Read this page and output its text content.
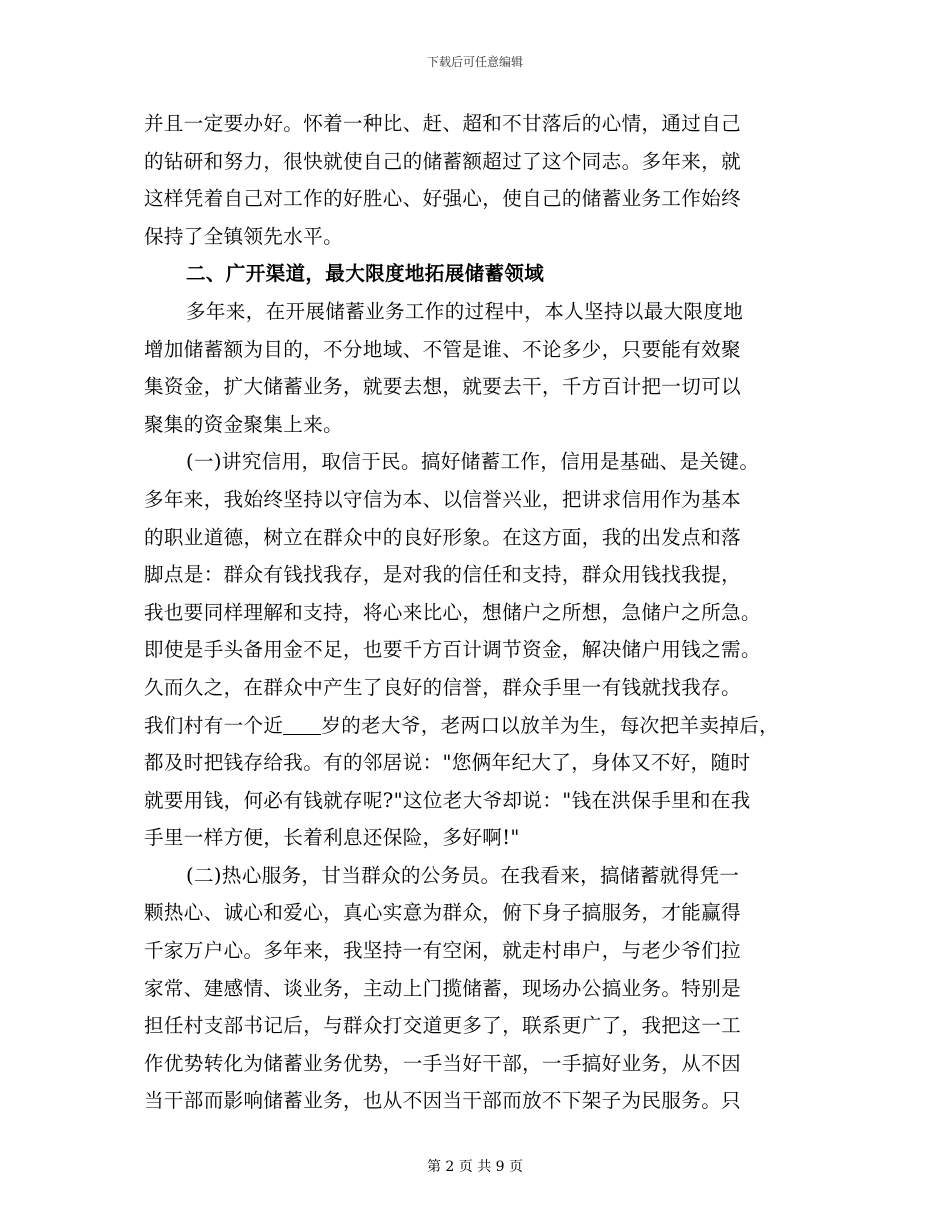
下载后可任意编辑
并且一定要办好。怀着一种比、赶、超和不甘落后的心情，通过自己
的钻研和努力，很快就使自己的储蓄额超过了这个同志。多年来，就
这样凭着自己对工作的好胜心、好强心，使自己的储蓄业务工作始终
保持了全镇领先水平。
二、广开渠道，最大限度地拓展储蓄领域
多年来，在开展储蓄业务工作的过程中，本人坚持以最大限度地
增加储蓄额为目的，不分地域、不管是谁、不论多少，只要能有效聚
集资金，扩大储蓄业务，就要去想，就要去干，千方百计把一切可以
聚集的资金聚集上来。
(一)讲究信用，取信于民。搞好储蓄工作，信用是基础、是关键。
多年来，我始终坚持以守信为本、以信誉兴业，把讲求信用作为基本
的职业道德，树立在群众中的良好形象。在这方面，我的出发点和落
脚点是：群众有钱找我存，是对我的信任和支持，群众用钱找我提，
我也要同样理解和支持，将心来比心，想储户之所想，急储户之所急。
即使是手头备用金不足，也要千方百计调节资金，解决储户用钱之需。
久而久之，在群众中产生了良好的信誉，群众手里一有钱就找我存。
我们村有一个近 岁的老大爷，老两口以放羊为生，每次把羊卖掉后，
都及时把钱存给我。有的邻居说："您俩年纪大了，身体又不好，随时
就要用钱，何必有钱就存呢?"这位老大爷却说："钱在洪保手里和在我
手里一样方便，长着利息还保险，多好啊!"
(二)热心服务，甘当群众的公务员。在我看来，搞储蓄就得凭一
颗热心、诚心和爱心，真心实意为群众，俯下身子搞服务，才能赢得
千家万户心。多年来，我坚持一有空闲，就走村串户，与老少爷们拉
家常、建感情、谈业务，主动上门揽储蓄，现场办公搞业务。特别是
担任村支部书记后，与群众打交道更多了，联系更广了，我把这一工
作优势转化为储蓄业务优势，一手当好干部，一手搞好业务，从不因
当干部而影响储蓄业务，也从不因当干部而放不下架子为民服务。只
第 2 页 共 9 页
